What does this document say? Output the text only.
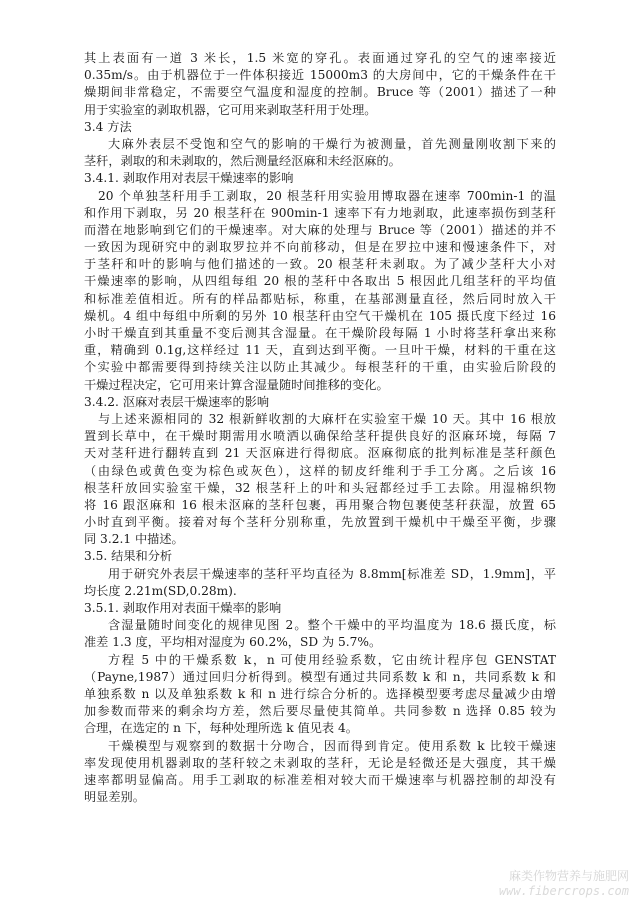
其上表面有一道 3 米长，1.5 米宽的穿孔。表面通过穿孔的空气的速率接近
0.35m/s。由于机器位于一件体积接近 15000m3 的大房间中，它的干燥条件在干
燥期间非常稳定，不需要空气温度和湿度的控制。Bruce 等（2001）描述了一种
用于实验室的剥取机器，它可用来剥取茎秆用于处理。
3.4 方法
大麻外表层不受饱和空气的影响的干燥行为被测量，首先测量刚收割下来的
茎秆，剥取的和未剥取的，然后测量经沤麻和未经沤麻的。
3.4.1. 剥取作用对表层干燥速率的影响
20 个单独茎秆用手工剥取，20 根茎秆用实验用博取器在速率 700min-1 的温
和作用下剥取，另 20 根茎秆在 900min-1 速率下有力地剥取，此速率损伤到茎秆
而潜在地影响到它们的干燥速率。对大麻的处理与 Bruce 等（2001）描述的并不
一致因为现研究中的剥取罗拉并不向前移动，但是在罗拉中速和慢速条件下，对
于茎秆和叶的影响与他们描述的一致。20 根茎秆未剥取。为了减少茎秆大小对
干燥速率的影响，从四组每组 20 根的茎秆中各取出 5 根因此几组茎秆的平均值
和标准差值相近。所有的样品都贴标，称重，在基部测量直径，然后同时放入干
燥机。4 组中每组中所剩的另外 10 根茎秆由空气干燥机在 105 摄氏度下经过 16
小时干燥直到其重量不变后测其含湿量。在干燥阶段每隔 1 小时将茎秆拿出来称
重，精确到 0.1g,这样经过 11 天，直到达到平衡。一旦叶干燥，材料的干重在这
个实验中都需要得到持续关注以防止其减少。每根茎秆的干重，由实验后阶段的
干燥过程决定，它可用来计算含湿量随时间推移的变化。
3.4.2. 沤麻对表层干燥速率的影响
与上述来源相同的 32 根新鲜收割的大麻杆在实验室干燥 10 天。其中 16 根放
置到长草中，在干燥时期需用水喷洒以确保给茎秆提供良好的沤麻环境，每隔 7
天对茎秆进行翻转直到 21 天沤麻进行得彻底。沤麻彻底的批判标准是茎秆颜色
（由绿色或黄色变为棕色或灰色），这样的韧皮纤维利于手工分离。之后该 16
根茎秆放回实验室干燥，32 根茎秆上的叶和头冠都经过手工去除。用湿棉织物
将 16 跟沤麻和 16 根未沤麻的茎秆包裹，再用聚合物包裹使茎秆获湿，放置 65
小时直到平衡。接着对每个茎秆分别称重，先放置到干燥机中干燥至平衡，步骤
同 3.2.1 中描述。
3.5. 结果和分析
用于研究外表层干燥速率的茎秆平均直径为 8.8mm[标准差 SD，1.9mm]，平
均长度 2.21m(SD,0.28m).
3.5.1. 剥取作用对表面干燥率的影响
含湿量随时间变化的规律见图 2。整个干燥中的平均温度为 18.6 摄氏度，标
准差 1.3 度，平均相对湿度为 60.2%，SD 为 5.7%。
方程 5 中的干燥系数 k，n 可使用经验系数，它由统计程序包 GENSTAT
（Payne,1987）通过回归分析得到。模型有通过共同系数 k 和 n，共同系数 k 和
单独系数 n 以及单独系数 k 和 n 进行综合分析的。选择模型要考虑尽量减少由增
加参数而带来的剩余均方差，然后要尽量使其简单。共同参数 n 选择 0.85 较为
合理，在选定的 n 下，每种处理所选 k 值见表 4。
干燥模型与观察到的数据十分吻合，因而得到肯定。使用系数 k 比较干燥速
率发现使用机器剥取的茎秆较之未剥取的茎秆，无论是轻微还是大强度，其干燥
速率都明显偏高。用手工剥取的标准差相对较大而干燥速率与机器控制的却没有
明显差别。
麻类作物营养与施肥网
www.fibercrops.com
